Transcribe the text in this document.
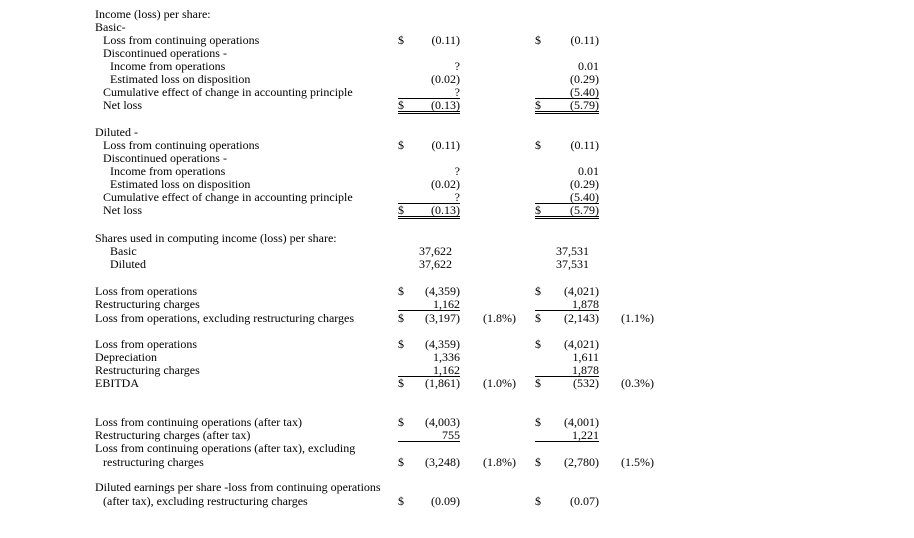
Income (loss) per share:
Basic-
Loss from continuing operations	$	(0.11)	$	(0.11)
Discontinued operations -
Income from operations	?	0.01
Estimated loss on disposition	(0.02)	(0.29)
Cumulative effect of change in accounting principle	?	(5.40)
Net loss	$	(0.13)	$	(5.79)
Diluted -
Loss from continuing operations	$	(0.11)	$	(0.11)
Discontinued operations -
Income from operations	?	0.01
Estimated loss on disposition	(0.02)	(0.29)
Cumulative effect of change in accounting principle	?	(5.40)
Net loss	$	(0.13)	$	(5.79)
Shares used in computing income (loss) per share:
Basic	37,622	37,531
Diluted	37,622	37,531
Loss from operations	$	(4,359)	$	(4,021)
Restructuring charges	1,162	1,878
Loss from operations, excluding restructuring charges	$	(3,197)	(1.8%) $	(2,143)	(1.1%)
Loss from operations	$	(4,359)	$	(4,021)
Depreciation	1,336	1,611
Restructuring charges	1,162	1,878
EBITDA	$	(1,861)	(1.0%) $	(532)	(0.3%)
Loss from continuing operations (after tax)	$	(4,003)	$	(4,001)
Restructuring charges (after tax)	755	1,221
Loss from continuing operations (after tax), excluding
restructuring charges	$	(3,248)	(1.8%) $	(2,780)	(1.5%)
Diluted earnings per share -loss from continuing operations
(after tax), excluding restructuring charges	$	(0.09)	$	(0.07)
